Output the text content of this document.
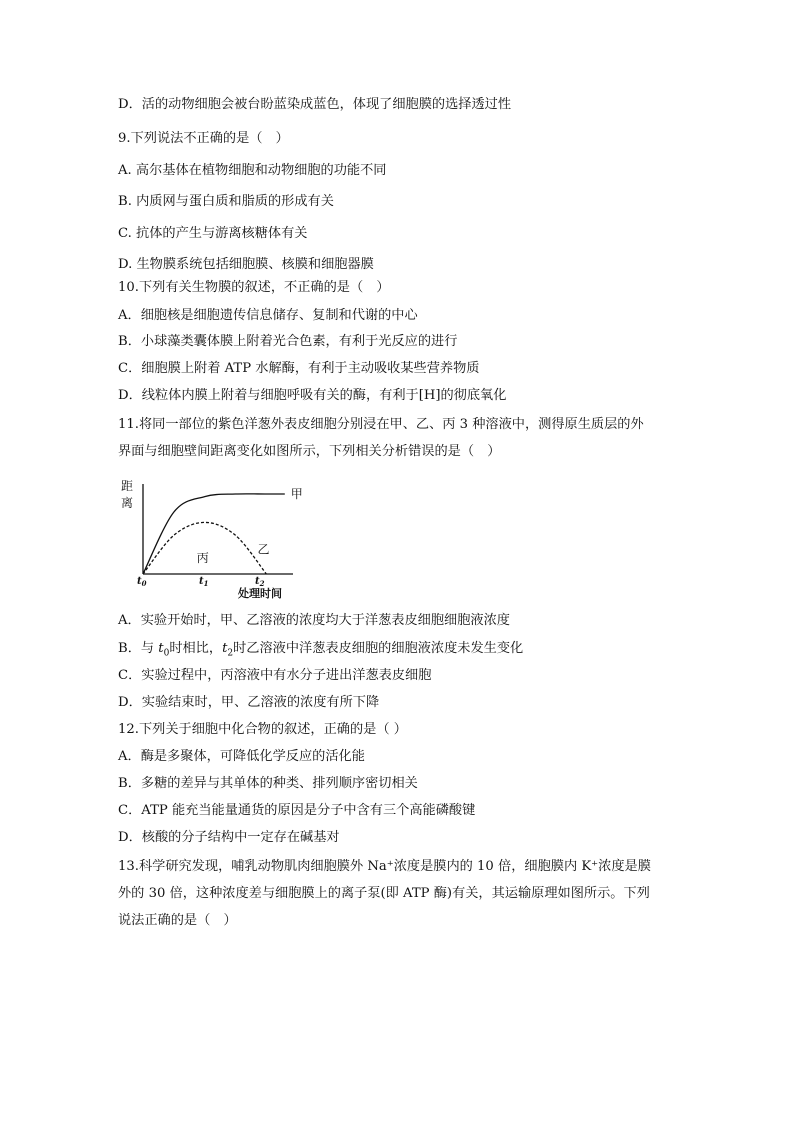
D．活的动物细胞会被台盼蓝染成蓝色，体现了细胞膜的选择透过性
9.下列说法不正确的是（　）
A. 高尔基体在植物细胞和动物细胞的功能不同
B. 内质网与蛋白质和脂质的形成有关
C. 抗体的产生与游离核糖体有关
D. 生物膜系统包括细胞膜、核膜和细胞器膜
10.下列有关生物膜的叙述，不正确的是（　）
A．细胞核是细胞遗传信息储存、复制和代谢的中心
B．小球藻类囊体膜上附着光合色素，有利于光反应的进行
C．细胞膜上附着 ATP 水解酶，有利于主动吸收某些营养物质
D．线粒体内膜上附着与细胞呼吸有关的酶，有利于[H]的彻底氧化
11.将同一部位的紫色洋葱外表皮细胞分别浸在甲、乙、丙 3 种溶液中，测得原生质层的外
界面与细胞壁间距离变化如图所示，下列相关分析错误的是（　）
距
离
甲
乙
丙
$t_0$	$t_1$	$t_2$
处理时间
A．实验开始时，甲、乙溶液的浓度均大于洋葱表皮细胞细胞液浓度
B．与 $t_0$时相比，$t_2$时乙溶液中洋葱表皮细胞的细胞液浓度未发生变化
C．实验过程中，丙溶液中有水分子进出洋葱表皮细胞
D．实验结束时，甲、乙溶液的浓度有所下降
12.下列关于细胞中化合物的叙述，正确的是（ ）
A．酶是多聚体，可降低化学反应的活化能
B．多糖的差异与其单体的种类、排列顺序密切相关
C．ATP 能充当能量通货的原因是分子中含有三个高能磷酸键
D．核酸的分子结构中一定存在碱基对
13.科学研究发现，哺乳动物肌肉细胞膜外 Na⁺浓度是膜内的 10 倍，细胞膜内 K⁺浓度是膜
外的 30 倍，这种浓度差与细胞膜上的离子泵(即 ATP 酶)有关，其运输原理如图所示。下列
说法正确的是（　）
